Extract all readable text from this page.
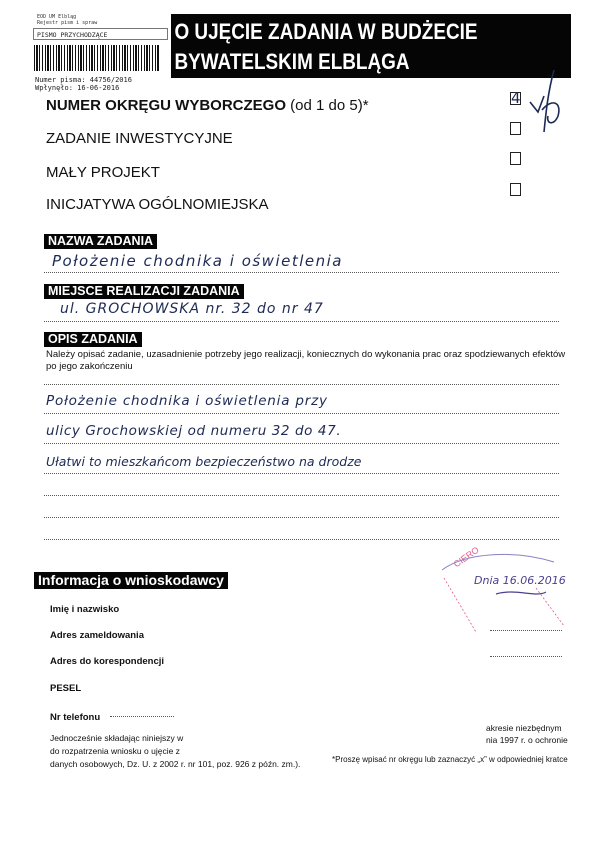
EOD UM Elbląg
Rejestr pism i spraw
PISMO PRZYCHODZĄCE
Numer pisma: 44756/2016
Wpłynęło: 16-06-2016
O UJĘCIE ZADANIA W BUDŻECIE
BYWATELSKIM ELBLĄGA
NUMER OKRĘGU WYBORCZEGO (od 1 do 5)*	4
ZADANIE INWESTYCYJNE
MAŁY PROJEKT
INICJATYWA OGÓLNOMIEJSKA
NAZWA ZADANIA
Położenie chodnika i oświetlenia
MIEJSCE REALIZACJI ZADANIA
ul. GROCHOWSKA nr. 32 do nr 47
OPIS ZADANIA
Należy opisać zadanie, uzasadnienie potrzeby jego realizacji, koniecznych do wykonania prac oraz spodziewanych efektów po jego zakończeniu
Położenie chodnika i oświetlenia przy
ulicy Grochowskiej od numeru 32 do 47.
Ułatwi to mieszkańcom bezpieczeństwo na drodze
Informacja o wnioskodawcy
Imię i nazwisko
Adres zameldowania
Adres do korespondencji
PESEL
Nr telefonu
CIERO
Dnia 16.06.2016
Jednocześnie składając niniejszy w
do rozpatrzenia wniosku o ujęcie z
danych osobowych, Dz. U. z 2002 r. nr 101, poz. 926 z późn. zm.).
akresie niezbędnym
nia 1997 r. o ochronie
*Proszę wpisać nr okręgu lub zaznaczyć „x” w odpowiedniej kratce
